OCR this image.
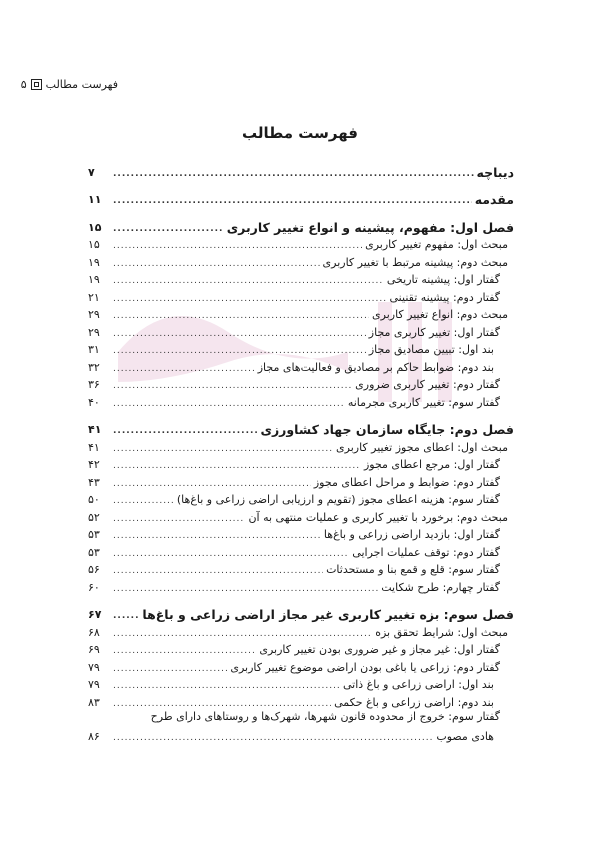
فهرست مطالب
۵
فهرست مطالب
دیباچه
.....
۷
مقدمه
.....
۱۱
فصل اول: مفهوم، پیشینه و انواع تغییر کاربری
.....
۱۵
مبحث اول: مفهوم تغییر کاربری
.....
۱۵
مبحث دوم: پیشینه مرتبط با تغییر کاربری
.....
۱۹
گفتار اول: پیشینه تاریخی
.....
۱۹
گفتار دوم: پیشینه تقنینی
.....
۲۱
مبحث دوم: انواع تغییر کاربری
.....
۲۹
گفتار اول: تغییر کاربری مجاز
.....
۲۹
بند اول: تبیین مصادیق مجاز
.....
۳۱
بند دوم: ضوابط حاکم بر مصادیق و فعالیت‌های مجاز
.....
۳۲
گفتار دوم: تغییر کاربری ضروری
.....
۳۶
گفتار سوم: تغییر کاربری مجرمانه
.....
۴۰
فصل دوم: جایگاه سازمان جهاد کشاورزی
.....
۴۱
مبحث اول: اعطای مجوز تغییر کاربری
.....
۴۱
گفتار اول: مرجع اعطای مجوز
.....
۴۲
گفتار دوم: ضوابط و مراحل اعطای مجوز
.....
۴۳
گفتار سوم: هزینه اعطای مجوز (تقویم و ارزیابی اراضی زراعی و باغ‌ها)
.....
۵۰
مبحث دوم: برخورد با تغییر کاربری و عملیات منتهی به آن
.....
۵۲
گفتار اول: بازدید اراضی زراعی و باغ‌ها
.....
۵۳
گفتار دوم: توقف عملیات اجرایی
.....
۵۳
گفتار سوم: قلع و قمع بنا و مستحدثات
.....
۵۶
گفتار چهارم: طرح شکایت
.....
۶۰
فصل سوم: بزه تغییر کاربری غیر مجاز اراضی زراعی و باغ‌ها
.....
۶۷
مبحث اول: شرایط تحقق بزه
.....
۶۸
گفتار اول: غیر مجاز و غیر ضروری بودن تغییر کاربری
.....
۶۹
گفتار دوم: زراعی یا باغی بودن اراضی موضوع تغییر کاربری
.....
۷۹
بند اول: اراضی زراعی و باغ ذاتی
.....
۷۹
بند دوم: اراضی زراعی و باغ حکمی
.....
۸۳
گفتار سوم: خروج از محدوده قانون شهرها، شهرک‌ها و روستاهای دارای طرح
هادی مصوب
.....
۸۶
